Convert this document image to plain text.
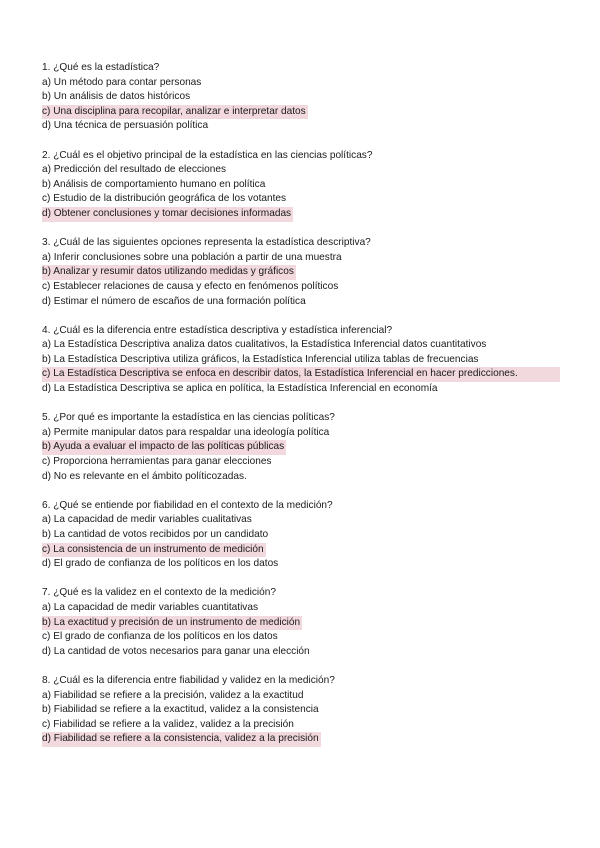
1. ¿Qué es la estadística?
a) Un método para contar personas
b) Un análisis de datos históricos
c) Una disciplina para recopilar, analizar e interpretar datos
d) Una técnica de persuasión política
2. ¿Cuál es el objetivo principal de la estadística en las ciencias políticas?
a) Predicción del resultado de elecciones
b) Análisis de comportamiento humano en política
c) Estudio de la distribución geográfica de los votantes
d) Obtener conclusiones y tomar decisiones informadas
3. ¿Cuál de las siguientes opciones representa la estadística descriptiva?
a) Inferir conclusiones sobre una población a partir de una muestra
b) Analizar y resumir datos utilizando medidas y gráficos
c) Establecer relaciones de causa y efecto en fenómenos políticos
d) Estimar el número de escaños de una formación política
4. ¿Cuál es la diferencia entre estadística descriptiva y estadística inferencial?
a) La Estadística Descriptiva analiza datos cualitativos, la Estadística Inferencial datos cuantitativos
b) La Estadística Descriptiva utiliza gráficos, la Estadística Inferencial utiliza tablas de frecuencias
c) La Estadística Descriptiva se enfoca en describir datos, la Estadística Inferencial en hacer predicciones.
d) La Estadística Descriptiva se aplica en política, la Estadística Inferencial en economía
5. ¿Por qué es importante la estadística en las ciencias políticas?
a) Permite manipular datos para respaldar una ideología política
b) Ayuda a evaluar el impacto de las políticas públicas
c) Proporciona herramientas para ganar elecciones
d) No es relevante en el ámbito políticozadas.
6. ¿Qué se entiende por fiabilidad en el contexto de la medición?
a) La capacidad de medir variables cualitativas
b) La cantidad de votos recibidos por un candidato
c) La consistencia de un instrumento de medición
d) El grado de confianza de los políticos en los datos
7. ¿Qué es la validez en el contexto de la medición?
a) La capacidad de medir variables cuantitativas
b) La exactitud y precisión de un instrumento de medición
c) El grado de confianza de los políticos en los datos
d) La cantidad de votos necesarios para ganar una elección
8. ¿Cuál es la diferencia entre fiabilidad y validez en la medición?
a) Fiabilidad se refiere a la precisión, validez a la exactitud
b) Fiabilidad se refiere a la exactitud, validez a la consistencia
c) Fiabilidad se refiere a la validez, validez a la precisión
d) Fiabilidad se refiere a la consistencia, validez a la precisión
